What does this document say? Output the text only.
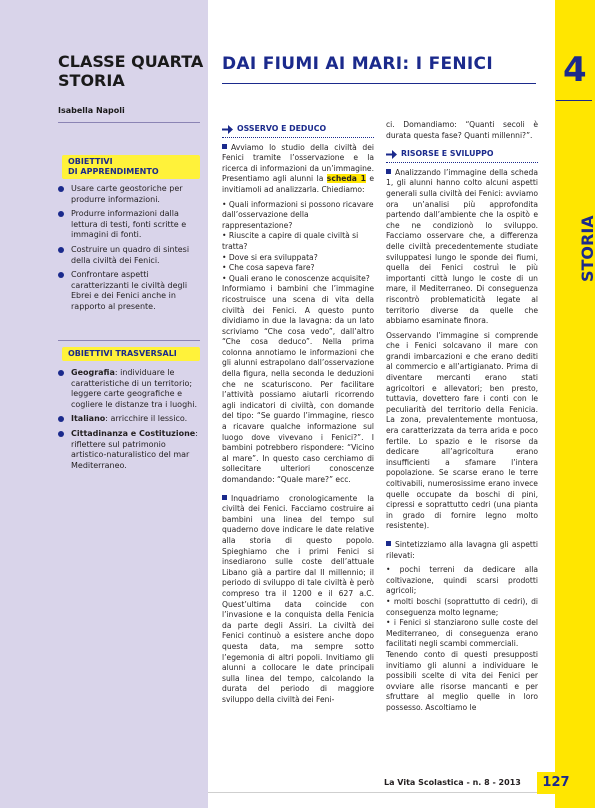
CLASSE QUARTA
STORIA
Isabella Napoli
OBIETTIVI
DI APPRENDIMENTO
Usare carte geostoriche per produrre informazioni.
Produrre informazioni dalla lettura di testi, fonti scritte e immagini di fonti.
Costruire un quadro di sintesi della civiltà dei Fenici.
Confrontare aspetti caratterizzanti le civiltà degli Ebrei e dei Fenici anche in rapporto al presente.
OBIETTIVI TRASVERSALI
Geografia: individuare le caratteristiche di un territorio; leggere carte geografiche e cogliere le distanze tra i luoghi.
Italiano: arricchire il lessico.
Cittadinanza e Costituzione: riflettere sul patrimonio artistico-naturalistico del mar Mediterraneo.
DAI FIUMI AI MARI: I FENICI 4
STORIA
OSSERVO E DEDUCO

Avviamo lo studio della civiltà dei Fenici tramite l’osservazione e la ricerca di informazioni da un’immagine. Presentiamo agli alunni la scheda 1 e invitiamoli ad analizzarla. Chiediamo:

• Quali informazioni si possono ricavare dall’osservazione della rappresentazione?
• Riuscite a capire di quale civiltà si tratta?
• Dove si era sviluppata?
• Che cosa sapeva fare?
• Quali erano le conoscenze acquisite?

Informiamo i bambini che l’immagine ricostruisce una scena di vita della civiltà dei Fenici. A questo punto dividiamo in due la lavagna: da un lato scriviamo “Che cosa vedo”, dall’altro “Che cosa deduco”. Nella prima colonna annotiamo le informazioni che gli alunni estrapolano dall’osservazione della figura, nella seconda le deduzioni che ne scaturiscono. Per facilitare l’attività possiamo aiutarli ricorrendo agli indicatori di civiltà, con domande del tipo: “Se guardo l’immagine, riesco a ricavare qualche informazione sul luogo dove vivevano i Fenici?”. I bambini potrebbero rispondere: “Vicino al mare”. In questo caso cerchiamo di sollecitare ulteriori conoscenze domandando: “Quale mare?” ecc.

Inquadriamo cronologicamente la civiltà dei Fenici. Facciamo costruire ai bambini una linea del tempo sul quaderno dove indicare le date relative alla storia di questo popolo. Spieghiamo che i primi Fenici si insediarono sulle coste dell’attuale Libano già a partire dal II millennio; il periodo di sviluppo di tale civiltà è però compreso tra il 1200 e il 627 a.C. Quest’ultima data coincide con l’invasione e la conquista della Fenicia da parte degli Assiri. La civiltà dei Fenici continuò a esistere anche dopo questa data, ma sempre sotto l’egemonia di altri popoli. Invitiamo gli alunni a collocare le date principali sulla linea del tempo, calcolando la durata del periodo di maggiore sviluppo della civiltà dei Feni-

ci. Domandiamo: “Quanti secoli è durata questa fase? Quanti millenni?”.

RISORSE E SVILUPPO

Analizzando l’immagine della scheda 1, gli alunni hanno colto alcuni aspetti generali sulla civiltà dei Fenici: avviamo ora un’analisi più approfondita partendo dall’ambiente che la ospitò e che ne condizionò lo sviluppo. Facciamo osservare che, a differenza delle civiltà precedentemente studiate sviluppatesi lungo le sponde dei fiumi, quella dei Fenici costruì le più importanti città lungo le coste di un mare, il Mediterraneo. Di conseguenza riscontrò problematicità legate al territorio diverse da quelle che abbiamo esaminate finora.

Osservando l’immagine si comprende che i Fenici solcavano il mare con grandi imbarcazioni e che erano dediti al commercio e all’artigianato. Prima di diventare mercanti erano stati agricoltori e allevatori; ben presto, tuttavia, dovettero fare i conti con le peculiarità del territorio della Fenicia. La zona, prevalentemente montuosa, era caratterizzata da terra arida e poco fertile. Lo spazio e le risorse da dedicare all’agricoltura erano insufficienti a sfamare l’intera popolazione. Se scarse erano le terre coltivabili, numerosissime erano invece quelle occupate da boschi di pini, cipressi e soprattutto cedri (una pianta in grado di fornire legno molto resistente).

Sintetizziamo alla lavagna gli aspetti rilevati:

• pochi terreni da dedicare alla coltivazione, quindi scarsi prodotti agricoli;
• molti boschi (soprattutto di cedri), di conseguenza molto legname;
• i Fenici si stanziarono sulle coste del Mediterraneo, di conseguenza erano facilitati negli scambi commerciali.

Tenendo conto di questi presupposti invitiamo gli alunni a individuare le possibili scelte di vita dei Fenici per ovviare alle risorse mancanti e per sfruttare al meglio quelle in loro possesso. Ascoltiamo le

La Vita Scolastica - n. 8 - 2013	127
